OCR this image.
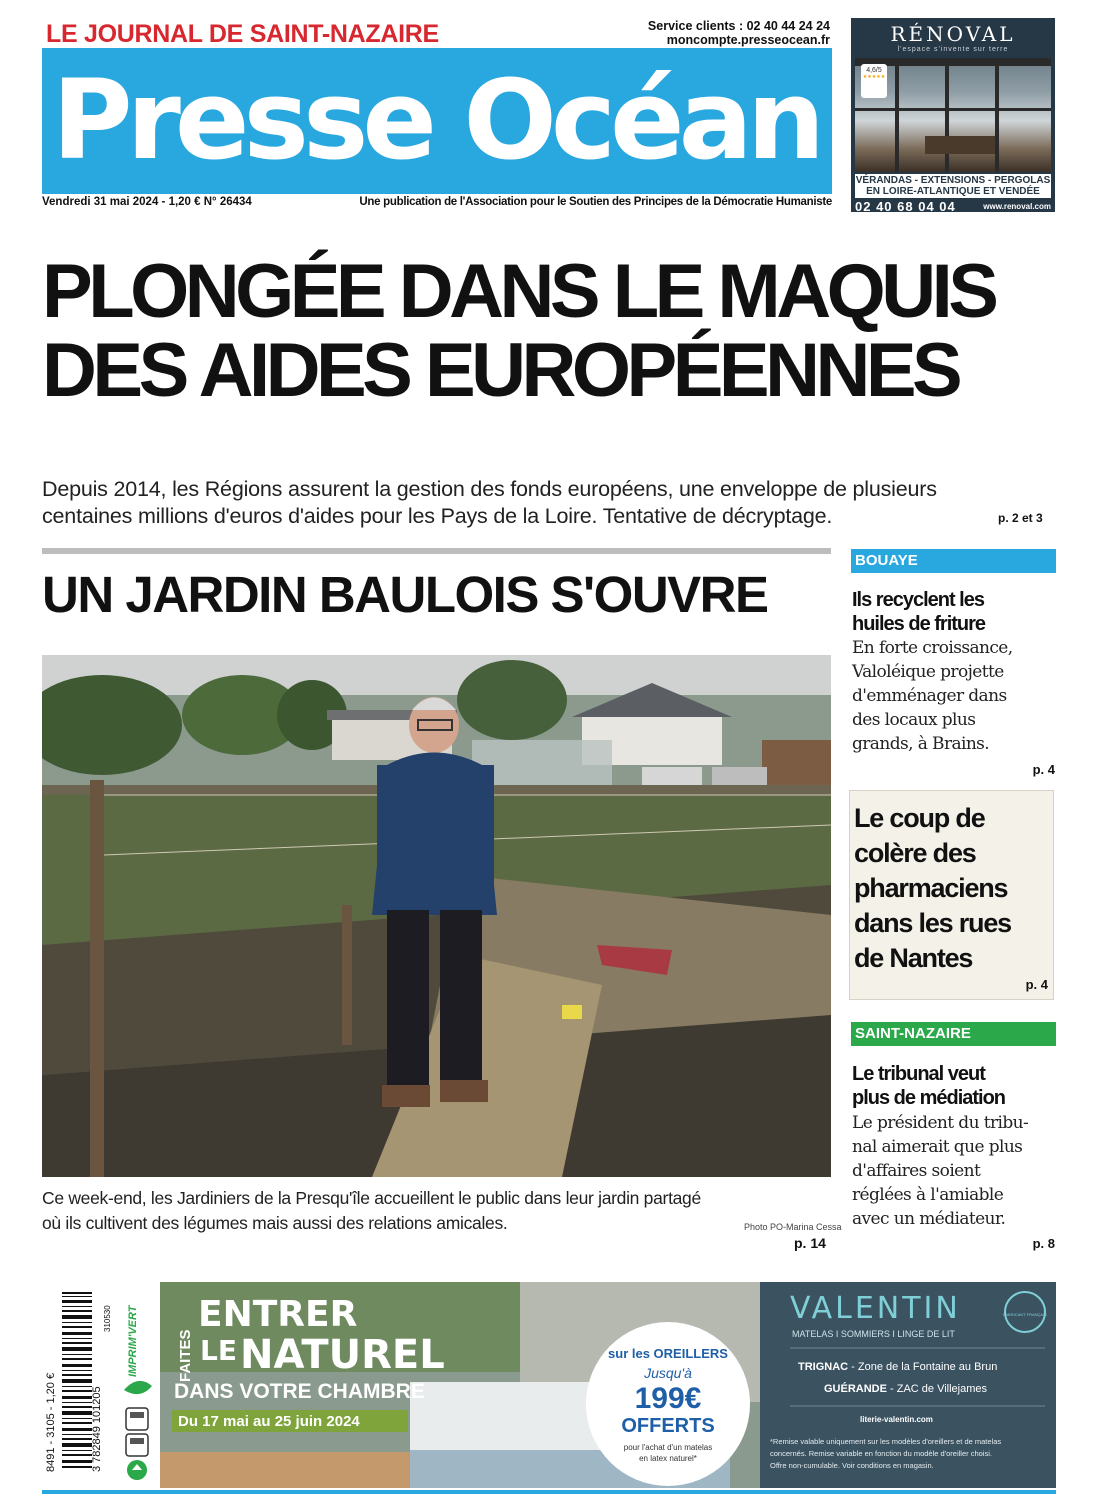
LE JOURNAL DE SAINT-NAZAIRE	Service clients : 02 40 44 24 24
moncompte.presseocean.fr
Presse Océan
Vendredi 31 mai 2024 - 1,20 € N° 26434	Une publication de l'Association pour le Soutien des Principes de la Démocratie Humaniste
RÉNOVAL
l'espace s'invente sur terre
4,6/5
★★★★★
VÉRANDAS - EXTENSIONS - PERGOLAS
EN LOIRE-ATLANTIQUE ET VENDÉE
02 40 68 04 04	www.renoval.com
PLONGÉE DANS LE MAQUIS
DES AIDES EUROPÉENNES
Depuis 2014, les Régions assurent la gestion des fonds européens, une enveloppe de plusieurs
centaines millions d'euros d'aides pour les Pays de la Loire. Tentative de décryptage.	p. 2 et 3
UN JARDIN BAULOIS S'OUVRE
Ce week-end, les Jardiniers de la Presqu'île accueillent le public dans leur jardin partagé
où ils cultivent des légumes mais aussi des relations amicales.	Photo PO-Marina Cessa
p. 14
BOUAYE
Ils recyclent les
huiles de friture
En forte croissance,
Valoléique projette
d'emménager dans
des locaux plus
grands, à Brains.
p. 4
Le coup de
colère des
pharmaciens
dans les rues
de Nantes
p. 4
SAINT-NAZAIRE
Le tribunal veut
plus de médiation
Le président du tribu-
nal aimerait que plus
d'affaires soient
réglées à l'amiable
avec un médiateur.
p. 8
3 782849 101205
8491 - 3105 - 1,20 €
310530 IMPRIM'VERT	FAITES
ENTRER
LE NATUREL
DANS VOTRE CHAMBRE
Du 17 mai au 25 juin 2024
sur les OREILLERS
Jusqu'à
199€
OFFERTS
pour l'achat d'un matelas
en latex naturel*
VALENTIN	FABRICANT FRANÇAIS
MATELAS I SOMMIERS I LINGE DE LIT
TRIGNAC - Zone de la Fontaine au Brun
GUÉRANDE - ZAC de Villejames
literie-valentin.com
*Remise valable uniquement sur les modèles d'oreillers et de matelas
concernés. Remise variable en fonction du modèle d'oreiller choisi.
Offre non-cumulable. Voir conditions en magasin.
